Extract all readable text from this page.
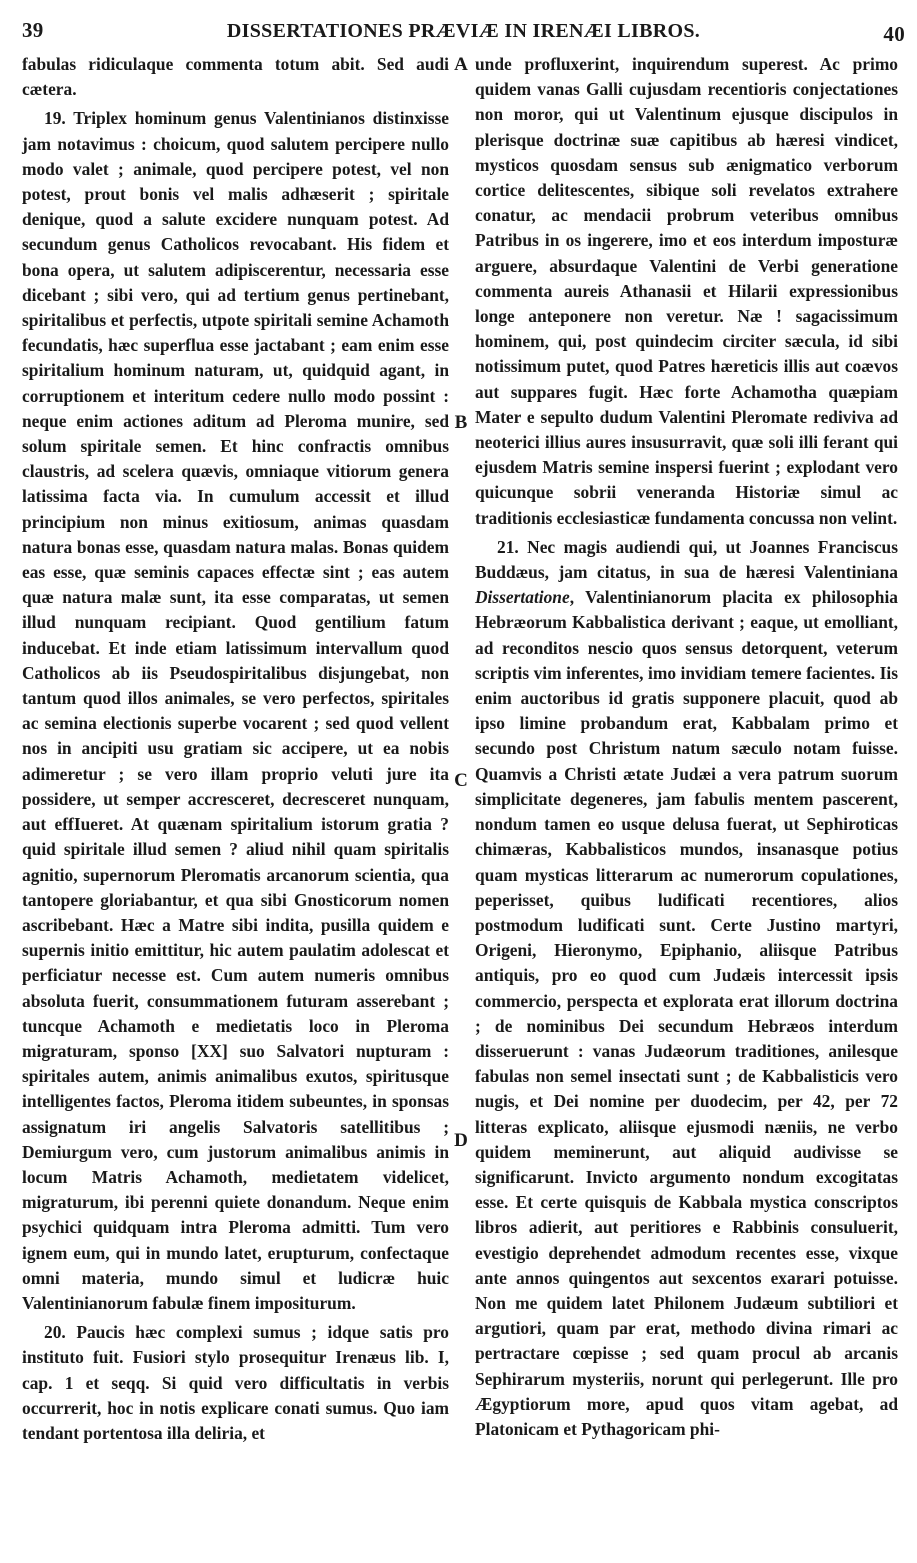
39	DISSERTATIONES PRÆVIÆ IN IRENÆI LIBROS.	40

fabulas ridiculaque commenta totum abit. Sed audi cætera.

19. Triplex hominum genus Valentinianos distinxisse jam notavimus : choicum, quod salutem percipere nullo modo valet ; animale, quod percipere potest, vel non potest, prout bonis vel malis adhæserit ; spiritale denique, quod a salute excidere nunquam potest. Ad secundum genus Catholicos revocabant. His fidem et bona opera, ut salutem adipiscerentur, necessaria esse dicebant ; sibi vero, qui ad tertium genus pertinebant, spiritalibus et perfectis, utpote spiritali semine Achamoth fecundatis, hæc superflua esse jactabant ; eam enim esse spiritalium hominum naturam, ut, quidquid agant, in corruptionem et interitum cedere nullo modo possint : neque enim actiones aditum ad Pleroma munire, sed solum spiritale semen. Et hinc confractis omnibus claustris, ad scelera quævis, omniaque vitiorum genera latissima facta via. In cumulum accessit et illud principium non minus exitiosum, animas quasdam natura bonas esse, quasdam natura malas. Bonas quidem eas esse, quæ seminis capaces effectæ sint ; eas autem quæ natura malæ sunt, ita esse comparatas, ut semen illud nunquam recipiant. Quod gentilium fatum inducebat. Et inde etiam latissimum intervallum quod Catholicos ab iis Pseudospiritalibus disjungebat, non tantum quod illos animales, se vero perfectos, spiritales ac semina electionis superbe vocarent ; sed quod vellent nos in ancipiti usu gratiam sic accipere, ut ea nobis adimeretur ; se vero illam proprio veluti jure ita possidere, ut semper accresceret, decresceret nunquam, aut effIueret. At quænam spiritalium istorum gratia ? quid spiritale illud semen ? aliud nihil quam spiritalis agnitio, supernorum Pleromatis arcanorum scientia, qua tantopere gloriabantur, et qua sibi Gnosticorum nomen ascribebant. Hæc a Matre sibi indita, pusilla quidem e supernis initio emittitur, hic autem paulatim adolescat et perficiatur necesse est. Cum autem numeris omnibus absoluta fuerit, consummationem futuram asserebant ; tuncque Achamoth e medietatis loco in Pleroma migraturam, sponso [XX] suo Salvatori nupturam : spiritales autem, animis animalibus exutos, spiritusque intelligentes factos, Pleroma itidem subeuntes, in sponsas assignatum iri angelis Salvatoris satellitibus ; Demiurgum vero, cum justorum animalibus animis in locum Matris Achamoth, medietatem videlicet, migraturum, ibi perenni quiete donandum. Neque enim psychici quidquam intra Pleroma admitti. Tum vero ignem eum, qui in mundo latet, erupturum, confectaque omni materia, mundo simul et ludicræ huic Valentinianorum fabulæ finem impositurum.

20. Paucis hæc complexi sumus ; idque satis pro instituto fuit. Fusiori stylo prosequitur Irenæus lib. I, cap. 1 et seqq. Si quid vero difficultatis in verbis occurrerit, hoc in notis explicare conati sumus. Quo iam tendant portentosa illa deliria, et

A
B
C
D

unde profluxerint, inquirendum superest. Ac primo quidem vanas Galli cujusdam recentioris conjectationes non moror, qui ut Valentinum ejusque discipulos in plerisque doctrinæ suæ capitibus ab hæresi vindicet, mysticos quosdam sensus sub ænigmatico verborum cortice delitescentes, sibique soli revelatos extrahere conatur, ac mendacii probrum veteribus omnibus Patribus in os ingerere, imo et eos interdum imposturæ arguere, absurdaque Valentini de Verbi generatione commenta aureis Athanasii et Hilarii expressionibus longe anteponere non veretur. Næ ! sagacissimum hominem, qui, post quindecim circiter sæcula, id sibi notissimum putet, quod Patres hæreticis illis aut coævos aut suppares fugit. Hæc forte Achamotha quæpiam Mater e sepulto dudum Valentini Pleromate rediviva ad neoterici illius aures insusurravit, quæ soli illi ferant qui ejusdem Matris semine inspersi fuerint ; explodant vero quicunque sobrii veneranda Historiæ simul ac traditionis ecclesiasticæ fundamenta concussa non velint.

21. Nec magis audiendi qui, ut Joannes Franciscus Buddæus, jam citatus, in sua de hæresi Valentiniana Dissertatione, Valentinianorum placita ex philosophia Hebræorum Kabbalistica derivant ; eaque, ut emolliant, ad reconditos nescio quos sensus detorquent, veterum scriptis vim inferentes, imo invidiam temere facientes. Iis enim auctoribus id gratis supponere placuit, quod ab ipso limine probandum erat, Kabbalam primo et secundo post Christum natum sæculo notam fuisse. Quamvis a Christi ætate Judæi a vera patrum suorum simplicitate degeneres, jam fabulis mentem pascerent, nondum tamen eo usque delusa fuerat, ut Sephiroticas chimæras, Kabbalisticos mundos, insanasque potius quam mysticas litterarum ac numerorum copulationes, peperisset, quibus ludificati recentiores, alios postmodum ludificati sunt. Certe Justino martyri, Origeni, Hieronymo, Epiphanio, aliisque Patribus antiquis, pro eo quod cum Judæis intercessit ipsis commercio, perspecta et explorata erat illorum doctrina ; de nominibus Dei secundum Hebræos interdum disseruerunt : vanas Judæorum traditiones, anilesque fabulas non semel insectati sunt ; de Kabbalisticis vero nugis, et Dei nomine per duodecim, per 42, per 72 litteras explicato, aliisque ejusmodi næniis, ne verbo quidem meminerunt, aut aliquid audivisse se significarunt. Invicto argumento nondum excogitatas esse. Et certe quisquis de Kabbala mystica conscriptos libros adierit, aut peritiores e Rabbinis consuluerit, evestigio deprehendet admodum recentes esse, vixque ante annos quingentos aut sexcentos exarari potuisse. Non me quidem latet Philonem Judæum subtiliori et argutiori, quam par erat, methodo divina rimari ac pertractare cœpisse ; sed quam procul ab arcanis Sephirarum mysteriis, norunt qui perlegerunt. Ille pro Ægyptiorum more, apud quos vitam agebat, ad Platonicam et Pythagoricam phi-
